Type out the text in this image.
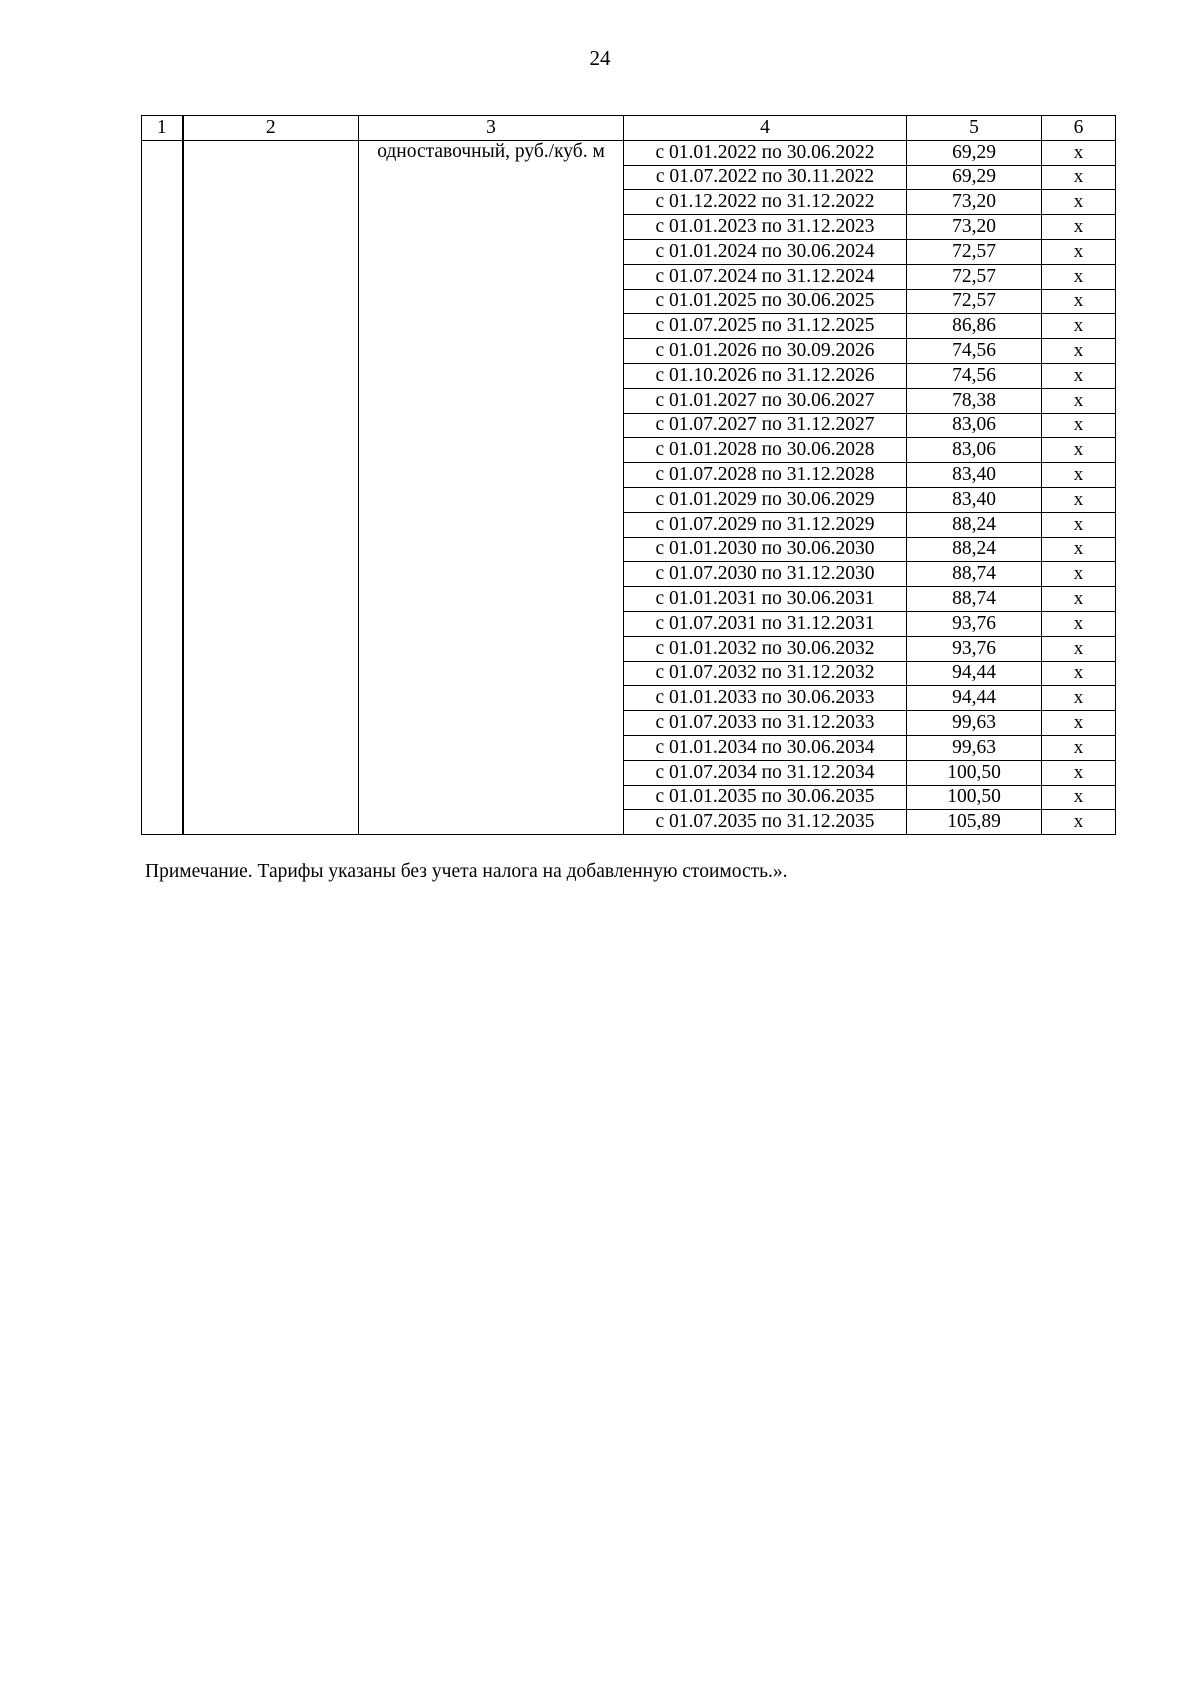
24
1	2	3	4	5	6
		одноставочный, руб./куб. м	с 01.01.2022 по 30.06.2022	69,29	х
			с 01.07.2022 по 30.11.2022	69,29	х
			с 01.12.2022 по 31.12.2022	73,20	х
			с 01.01.2023 по 31.12.2023	73,20	х
			с 01.01.2024 по 30.06.2024	72,57	х
			с 01.07.2024 по 31.12.2024	72,57	х
			с 01.01.2025 по 30.06.2025	72,57	х
			с 01.07.2025 по 31.12.2025	86,86	х
			с 01.01.2026 по 30.09.2026	74,56	х
			с 01.10.2026 по 31.12.2026	74,56	х
			с 01.01.2027 по 30.06.2027	78,38	х
			с 01.07.2027 по 31.12.2027	83,06	х
			с 01.01.2028 по 30.06.2028	83,06	х
			с 01.07.2028 по 31.12.2028	83,40	х
			с 01.01.2029 по 30.06.2029	83,40	х
			с 01.07.2029 по 31.12.2029	88,24	х
			с 01.01.2030 по 30.06.2030	88,24	х
			с 01.07.2030 по 31.12.2030	88,74	х
			с 01.01.2031 по 30.06.2031	88,74	х
			с 01.07.2031 по 31.12.2031	93,76	х
			с 01.01.2032 по 30.06.2032	93,76	х
			с 01.07.2032 по 31.12.2032	94,44	х
			с 01.01.2033 по 30.06.2033	94,44	х
			с 01.07.2033 по 31.12.2033	99,63	х
			с 01.01.2034 по 30.06.2034	99,63	х
			с 01.07.2034 по 31.12.2034	100,50	х
			с 01.01.2035 по 30.06.2035	100,50	х
			с 01.07.2035 по 31.12.2035	105,89	х
Примечание. Тарифы указаны без учета налога на добавленную стоимость.».
